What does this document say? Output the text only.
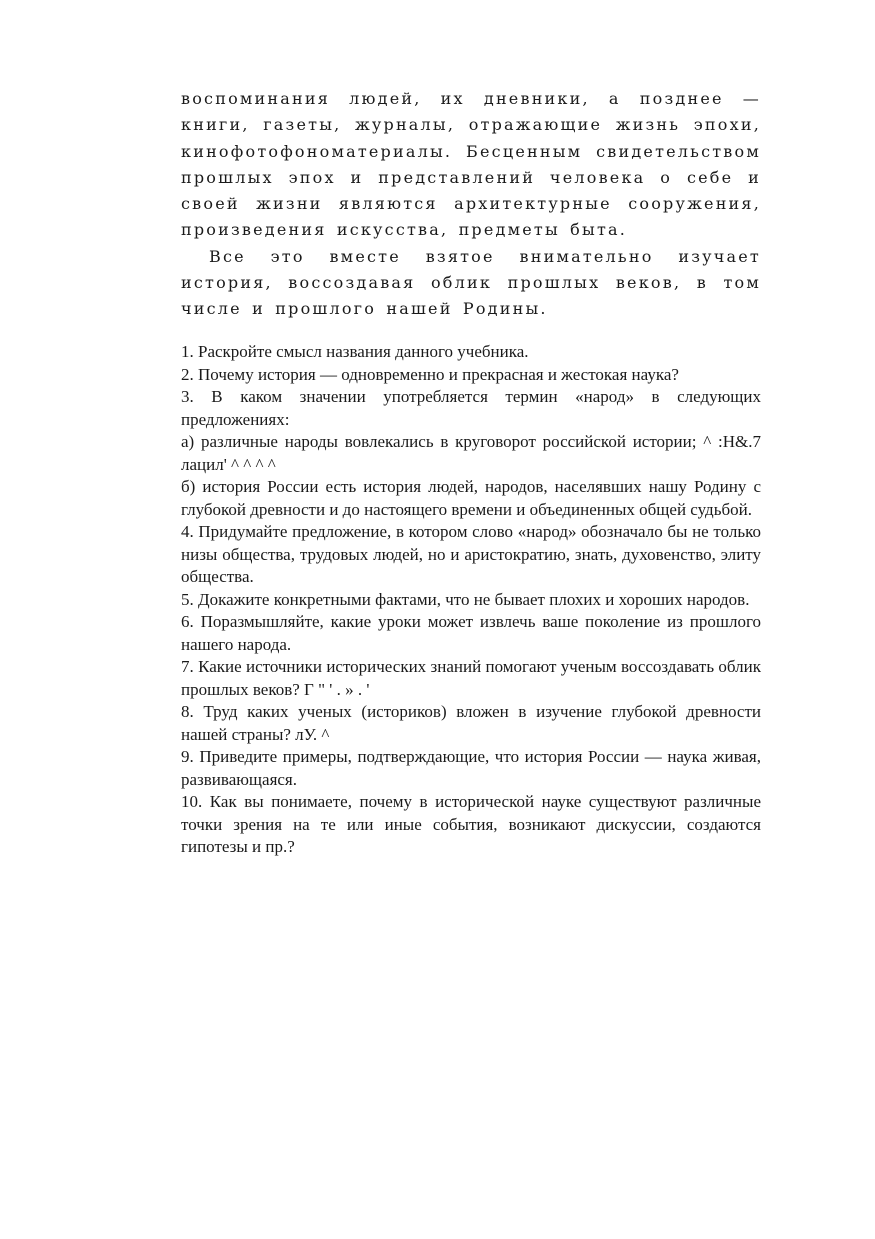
воспоминания людей, их дневники, а позднее — книги, газеты, журналы, отражающие жизнь эпохи, кинофотофономатериалы. Бесценным свидетельством прошлых эпох и представлений человека о себе и своей жизни являются архитектурные сооружения, произведения искусства, предметы быта.

Все это вместе взятое внимательно изучает история, воссоздавая облик прошлых веков, в том числе и прошлого нашей Родины.

1. Раскройте смысл названия данного учебника.

2. Почему история — одновременно и прекрасная и жестокая наука?

3. В каком значении употребляется термин «народ» в следующих предложениях:

а) различные народы вовлекались в круговорот российской истории; ^ :Н&.7 лацил' ^ ^ ^ ^

б) история России есть история людей, народов, населявших нашу Родину с глубокой древности и до настоящего времени и объединенных общей судьбой.

4. Придумайте предложение, в котором слово «народ» обозначало бы не только низы общества, трудовых людей, но и аристократию, знать, духовенство, элиту общества.

5. Докажите конкретными фактами, что не бывает плохих и хороших народов.

6. Поразмышляйте, какие уроки может извлечь ваше поколение из прошлого нашего народа.

7. Какие источники исторических знаний помогают ученым воссоздавать облик прошлых веков? Г " ' . » . '

8. Труд каких ученых (историков) вложен в изучение глубокой древности нашей страны? лУ. ^

9. Приведите примеры, подтверждающие, что история России — наука живая, развивающаяся.

10. Как вы понимаете, почему в исторической науке существуют различные точки зрения на те или иные события, возникают дискуссии, создаются гипотезы и пр.?
